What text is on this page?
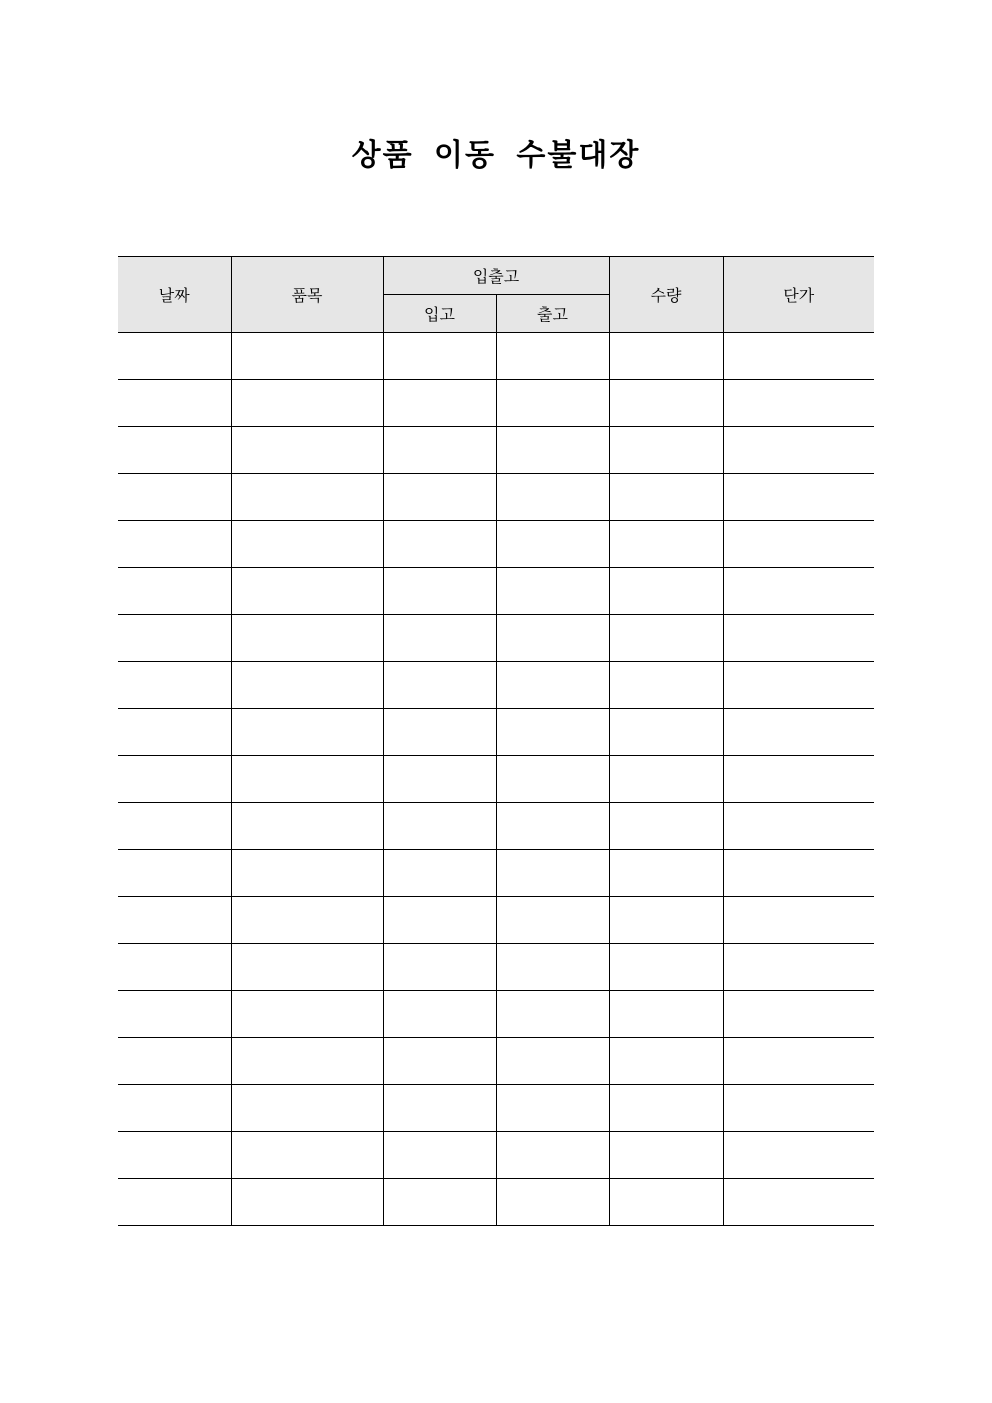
상품 이동 수불대장
날짜	품목	입출고		수량	단가
		입고	출고		
